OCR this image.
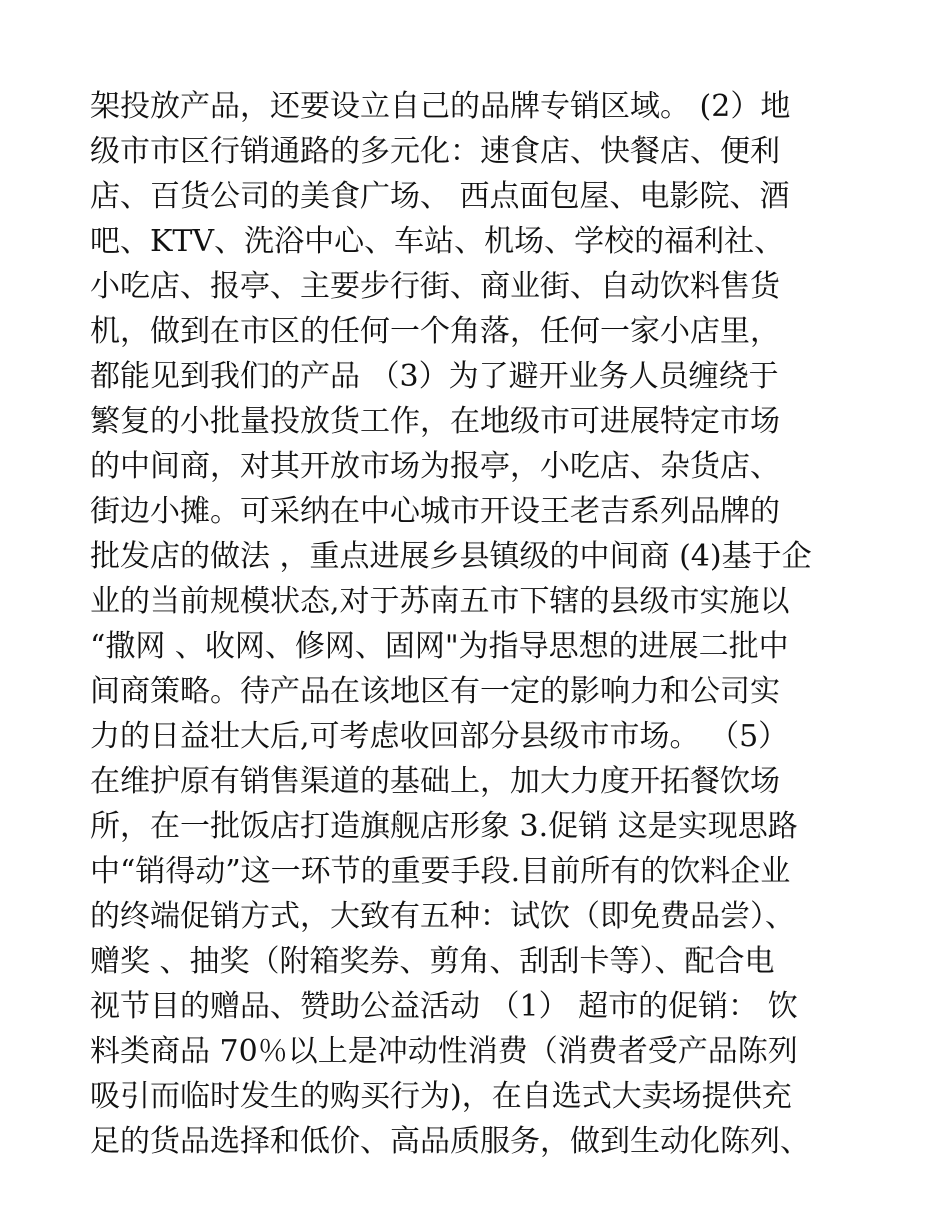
架投放产品，还要设立自己的品牌专销区域。 (2）地
级市市区行销通路的多元化：速食店、快餐店、便利
店、百货公司的美食广场、 西点面包屋、电影院、酒
吧、KTV、洗浴中心、车站、机场、学校的福利社、
小吃店、报亭、主要步行街、商业街、自动饮料售货
机，做到在市区的任何一个角落，任何一家小店里，
都能见到我们的产品 （3）为了避开业务人员缠绕于
繁复的小批量投放货工作，在地级市可进展特定市场
的中间商，对其开放市场为报亭，小吃店、杂货店、
街边小摊。可采纳在中心城市开设王老吉系列品牌的
批发店的做法 ，重点进展乡县镇级的中间商 (4)基于企
业的当前规模状态,对于苏南五市下辖的县级市实施以
“撒网 、收网、修网、固网"为指导思想的进展二批中
间商策略。待产品在该地区有一定的影响力和公司实
力的日益壮大后,可考虑收回部分县级市市场。 （5）
在维护原有销售渠道的基础上，加大力度开拓餐饮场
所，在一批饭店打造旗舰店形象 3.促销 这是实现思路
中“销得动”这一环节的重要手段.目前所有的饮料企业
的终端促销方式，大致有五种：试饮（即免费品尝）、
赠奖 、抽奖（附箱奖券、剪角、刮刮卡等）、配合电
视节目的赠品、赞助公益活动 （1） 超市的促销： 饮
料类商品 70％以上是冲动性消费（消费者受产品陈列
吸引而临时发生的购买行为)，在自选式大卖场提供充
足的货品选择和低价、高品质服务，做到生动化陈列、
